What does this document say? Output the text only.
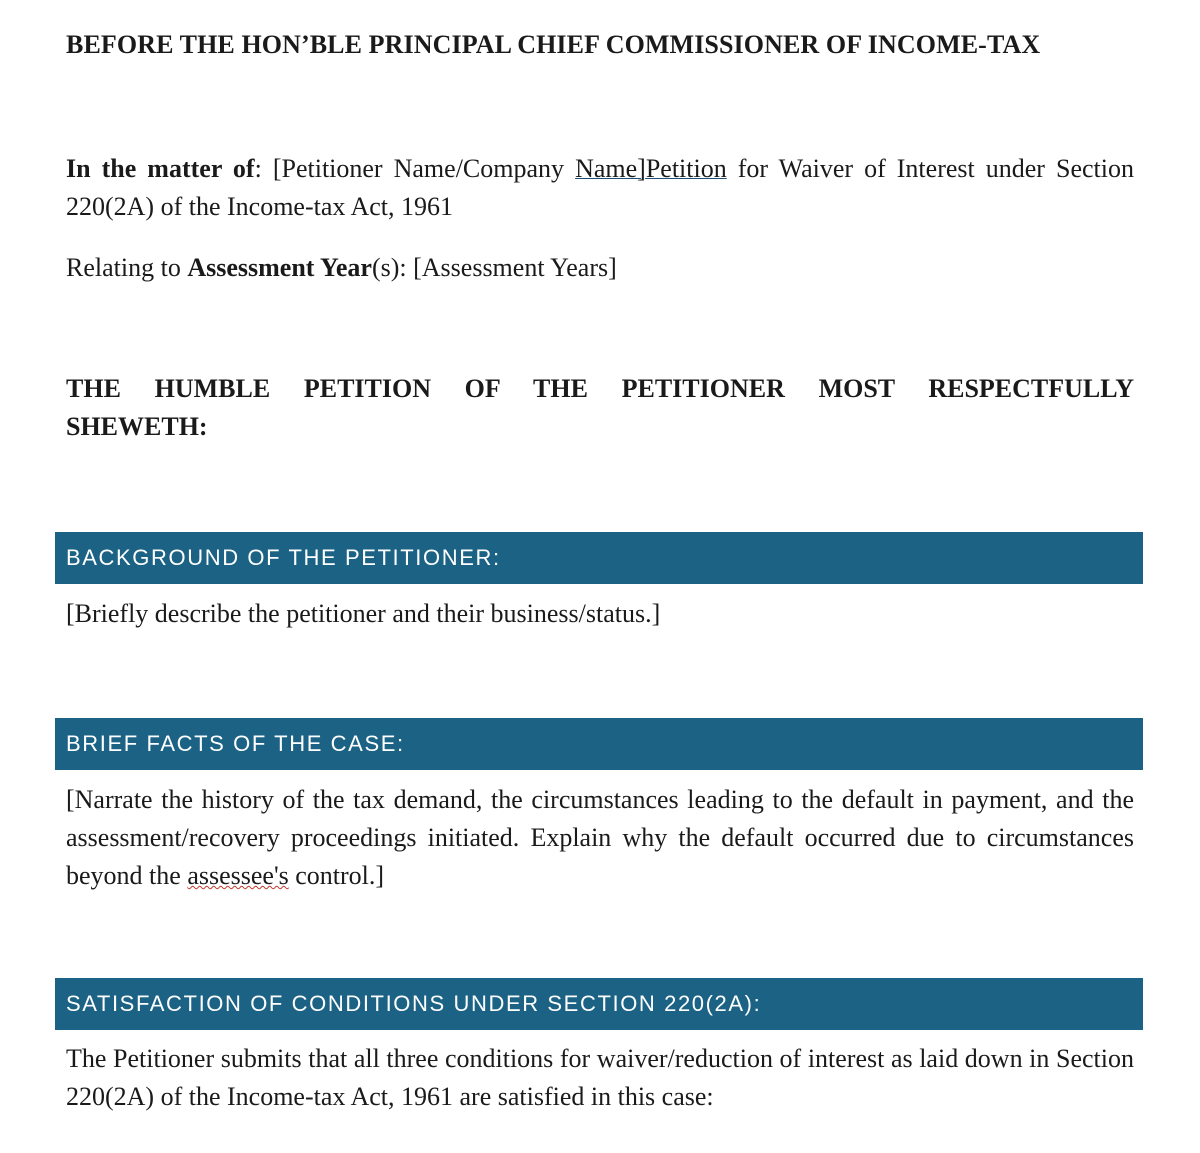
BEFORE THE HON’BLE PRINCIPAL CHIEF COMMISSIONER OF INCOME-TAX
In the matter of: [Petitioner Name/Company Name]Petition for Waiver of Interest under Section 220(2A) of the Income-tax Act, 1961
Relating to Assessment Year(s): [Assessment Years]
THE HUMBLE PETITION OF THE PETITIONER MOST RESPECTFULLY SHEWETH:
BACKGROUND OF THE PETITIONER:
[Briefly describe the petitioner and their business/status.]
BRIEF FACTS OF THE CASE:
[Narrate the history of the tax demand, the circumstances leading to the default in payment, and the assessment/recovery proceedings initiated. Explain why the default occurred due to circumstances beyond the assessee's control.]
SATISFACTION OF CONDITIONS UNDER SECTION 220(2A):
The Petitioner submits that all three conditions for waiver/reduction of interest as laid down in Section 220(2A) of the Income-tax Act, 1961 are satisfied in this case:
